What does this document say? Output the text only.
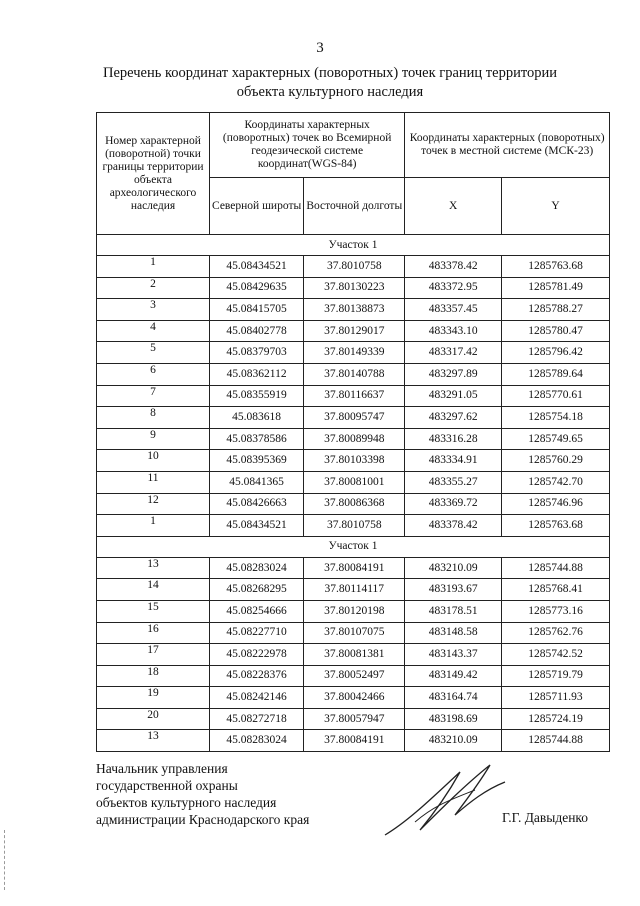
3
Перечень координат характерных (поворотных) точек границ территории
объекта культурного наследия
Номер характерной (поворотной) точки границы территории объекта археологического наследия	Координаты характерных (поворотных) точек во Всемирной геодезической системе координат(WGS-84)		Координаты характерных (поворотных) точек в местной системе (МСК-23)	
	Северной широты	Восточной долготы	X	Y
Участок 1				
1	45.08434521	37.8010758	483378.42	1285763.68
2	45.08429635	37.80130223	483372.95	1285781.49
3	45.08415705	37.80138873	483357.45	1285788.27
4	45.08402778	37.80129017	483343.10	1285780.47
5	45.08379703	37.80149339	483317.42	1285796.42
6	45.08362112	37.80140788	483297.89	1285789.64
7	45.08355919	37.80116637	483291.05	1285770.61
8	45.083618	37.80095747	483297.62	1285754.18
9	45.08378586	37.80089948	483316.28	1285749.65
10	45.08395369	37.80103398	483334.91	1285760.29
11	45.0841365	37.80081001	483355.27	1285742.70
12	45.08426663	37.80086368	483369.72	1285746.96
1	45.08434521	37.8010758	483378.42	1285763.68
Участок 1				
13	45.08283024	37.80084191	483210.09	1285744.88
14	45.08268295	37.80114117	483193.67	1285768.41
15	45.08254666	37.80120198	483178.51	1285773.16
16	45.08227710	37.80107075	483148.58	1285762.76
17	45.08222978	37.80081381	483143.37	1285742.52
18	45.08228376	37.80052497	483149.42	1285719.79
19	45.08242146	37.80042466	483164.74	1285711.93
20	45.08272718	37.80057947	483198.69	1285724.19
13	45.08283024	37.80084191	483210.09	1285744.88
Начальник управления
государственной охраны
объектов культурного наследия
администрации Краснодарского края	Г.Г. Давыденко
